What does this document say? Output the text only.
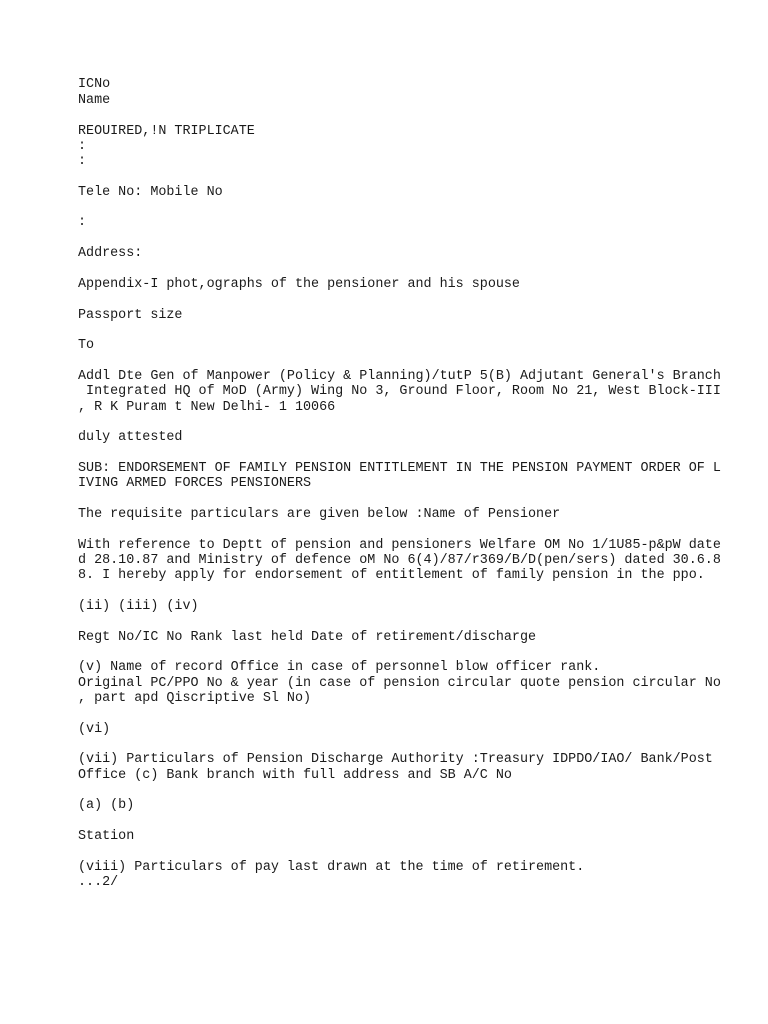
ICNo

Name

REOUIRED,!N TRIPLICATE

:

:

Tele No: Mobile No

:

Address:

Appendix-I phot,ographs of the pensioner and his spouse

Passport size

To

Addl Dte Gen of Manpower (Policy & Planning)/tutP 5(B) Adjutant General's Branch

Integrated HQ of MoD (Army) Wing No 3, Ground Floor, Room No 21, West Block-III

, R K Puram t New Delhi- 1 10066

duly attested

SUB: ENDORSEMENT OF FAMILY PENSION ENTITLEMENT IN THE PENSION PAYMENT ORDER OF L

IVING ARMED FORCES PENSIONERS

The requisite particulars are given below :Name of Pensioner

With reference to Deptt of pension and pensioners Welfare OM No 1/1U85-p&pW date

d 28.10.87 and Ministry of defence oM No 6(4)/87/r369/B/D(pen/sers) dated 30.6.8

8. I hereby apply for endorsement of entitlement of family pension in the ppo.

(ii) (iii) (iv)

Regt No/IC No Rank last held Date of retirement/discharge

(v) Name of record Office in case of personnel blow officer rank.

Original PC/PPO No & year (in case of pension circular quote pension circular No

, part apd Qiscriptive Sl No)

(vi)

(vii) Particulars of Pension Discharge Authority :Treasury IDPDO/IAO/ Bank/Post

Office (c) Bank branch with full address and SB A/C No

(a) (b)

Station

(viii) Particulars of pay last drawn at the time of retirement.

...2/
